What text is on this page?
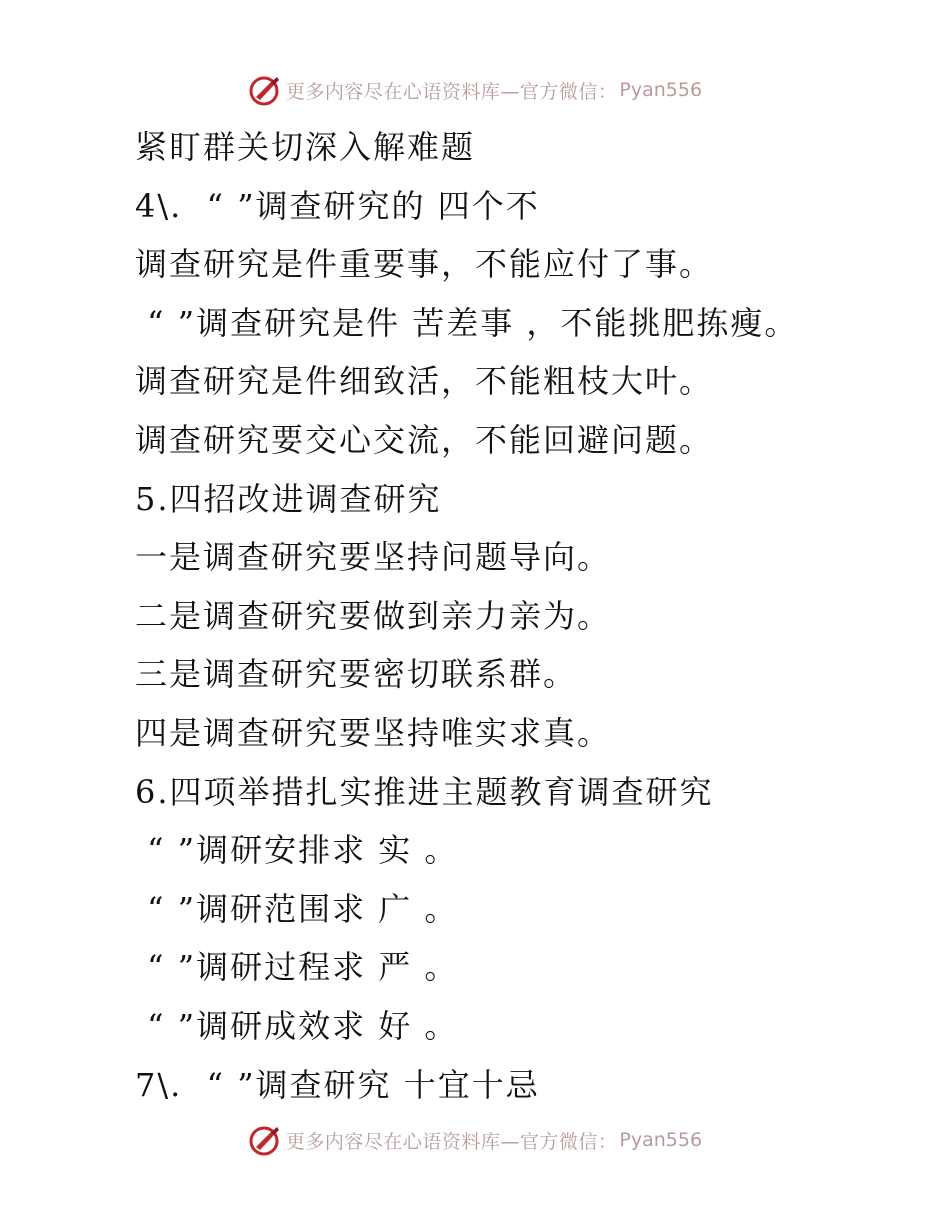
更多内容尽在心语资料库—官方微信： Pyan556
紧盯群关切深入解难题
4\.  “ ”调查研究的 四个不
调查研究是件重要事，不能应付了事。
“ ”调查研究是件 苦差事 ，不能挑肥拣瘦。
调查研究是件细致活，不能粗枝大叶。
调查研究要交心交流，不能回避问题。
5.四招改进调查研究
一是调查研究要坚持问题导向。
二是调查研究要做到亲力亲为。
三是调查研究要密切联系群。
四是调查研究要坚持唯实求真。
6.四项举措扎实推进主题教育调查研究
“ ”调研安排求 实 。
“ ”调研范围求 广 。
“ ”调研过程求 严 。
“ ”调研成效求 好 。
7\.  “ ”调查研究 十宜十忌
更多内容尽在心语资料库—官方微信： Pyan556
